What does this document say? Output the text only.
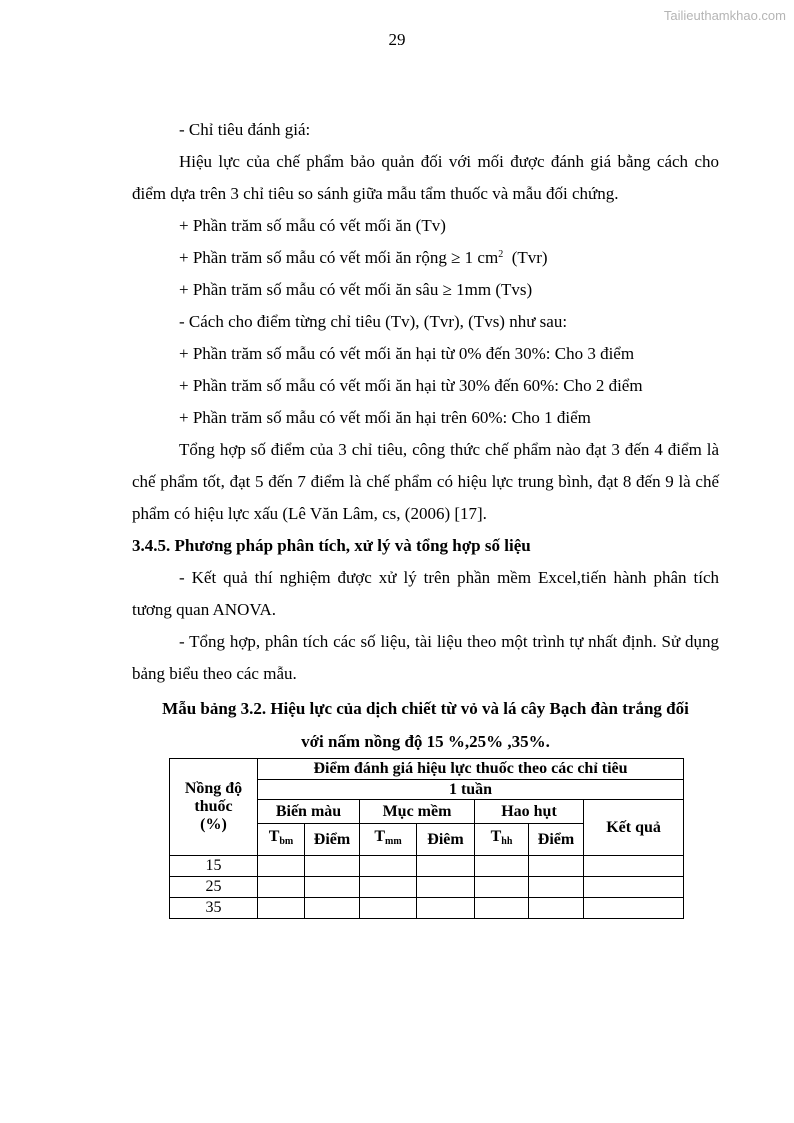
Tailieuthamkhao.com
29

- Chỉ tiêu đánh giá:

Hiệu lực của chế phẩm bảo quản đối với mối được đánh giá bằng cách cho điểm dựa trên 3 chỉ tiêu so sánh giữa mẫu tẩm thuốc và mẫu đối chứng.

+ Phần trăm số mẫu có vết mối ăn (Tv)

+ Phần trăm số mẫu có vết mối ăn rộng ≥ 1 $cm^2$  (Tvr)

+ Phần trăm số mẫu có vết mối ăn sâu ≥ 1mm (Tvs)

- Cách cho điểm từng chỉ tiêu (Tv), (Tvr), (Tvs) như sau:

+ Phần trăm số mẫu có vết mối ăn hại từ 0% đến 30%: Cho 3 điểm

+ Phần trăm số mẫu có vết mối ăn hại từ 30% đến 60%: Cho 2 điểm

+ Phần trăm số mẫu có vết mối ăn hại trên 60%: Cho 1 điểm

Tổng hợp số điểm của 3 chỉ tiêu, công thức chế phẩm nào đạt 3 đến 4 điểm là chế phẩm tốt, đạt 5 đến 7 điểm là chế phẩm có hiệu lực trung bình, đạt 8 đến 9 là chế phẩm có hiệu lực xấu (Lê Văn Lâm, cs, (2006) [17].

3.4.5. Phương pháp phân tích, xử lý và tổng hợp số liệu

- Kết quả thí nghiệm được xử lý trên phần mềm Excel,tiến hành phân tích tương quan ANOVA.

- Tổng hợp, phân tích các số liệu, tài liệu theo một trình tự nhất định. Sử dụng bảng biểu theo các mẫu.

Mẫu bảng 3.2. Hiệu lực của dịch chiết từ vỏ và lá cây Bạch đàn trắng đối
với nấm nồng độ 15 %,25% ,35%.

Nồng độ thuốc (%)	Điểm đánh giá hiệu lực thuốc theo các chỉ tiêu						
	1 tuần						
	Biến màu		Mục mềm		Hao hụt		Kết quả
	$T_{bm}$	Điểm	$T_{mm}$	Điêm	$T_{hh}$	Điểm	
15							
25							
35							
